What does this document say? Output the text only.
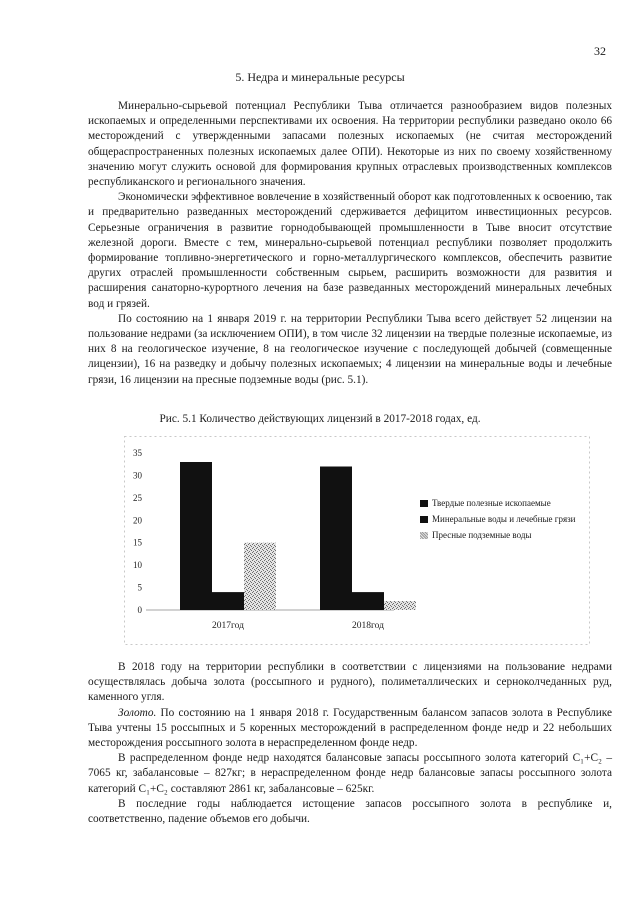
32
5. Недра и минеральные ресурсы

Минерально-сырьевой потенциал Республики Тыва отличается разнообразием видов полезных ископаемых и определенными перспективами их освоения. На территории республики разведано около 66 месторождений с утвержденными запасами полезных ископаемых (не считая месторождений общераспространенных полезных ископаемых далее ОПИ). Некоторые из них по своему хозяйственному значению могут служить основой для формирования крупных отраслевых производственных комплексов республиканского и регионального значения.

Экономически эффективное вовлечение в хозяйственный оборот как подготовленных к освоению, так и предварительно разведанных месторождений сдерживается дефицитом инвестиционных ресурсов. Серьезные ограничения в развитие горнодобывающей промышленности в Тыве вносит отсутствие железной дороги. Вместе с тем, минерально-сырьевой потенциал республики позволяет продолжить формирование топливно-энергетического и горно-металлургического комплексов, обеспечить развитие других отраслей промышленности собственным сырьем, расширить возможности для развития и расширения санаторно-курортного лечения на базе разведанных месторождений минеральных лечебных вод и грязей.

По состоянию на 1 января 2019 г. на территории Республики Тыва всего действует 52 лицензии на пользование недрами (за исключением ОПИ), в том числе 32 лицензии на твердые полезные ископаемые, из них 8 на геологическое изучение, 8 на геологическое изучение с последующей добычей (совмещенные лицензии), 16 на разведку и добычу полезных ископаемых; 4 лицензии на минеральные воды и лечебные грязи, 16 лицензии на пресные подземные воды (рис. 5.1).

Рис. 5.1 Количество действующих лицензий в 2017-2018 годах, ед.
0
5
10
15
20
25
30
35
2017год	2018год
Твердые полезные ископаемые
Минеральные воды и лечебные грязи
Пресные подземные воды

В 2018 году на территории республики в соответствии с лицензиями на пользование недрами осуществлялась добыча золота (россыпного и рудного), полиметаллических и серноколчеданных руд, каменного угля.

Золото. По состоянию на 1 января 2018 г. Государственным балансом запасов золота в Республике Тыва учтены 15 россыпных и 5 коренных месторождений в распределенном фонде недр и 22 небольших месторождения россыпного золота в нераспределенном фонде недр.

В распределенном фонде недр находятся балансовые запасы россыпного золота категорий C₁+C₂ – 7065 кг, забалансовые – 827кг; в нераспределенном фонде недр балансовые запасы россыпного золота категорий C₁+C₂ составляют 2861 кг, забалансовые – 625кг.

В последние годы наблюдается истощение запасов россыпного золота в республике и, соответственно, падение объемов его добычи.
